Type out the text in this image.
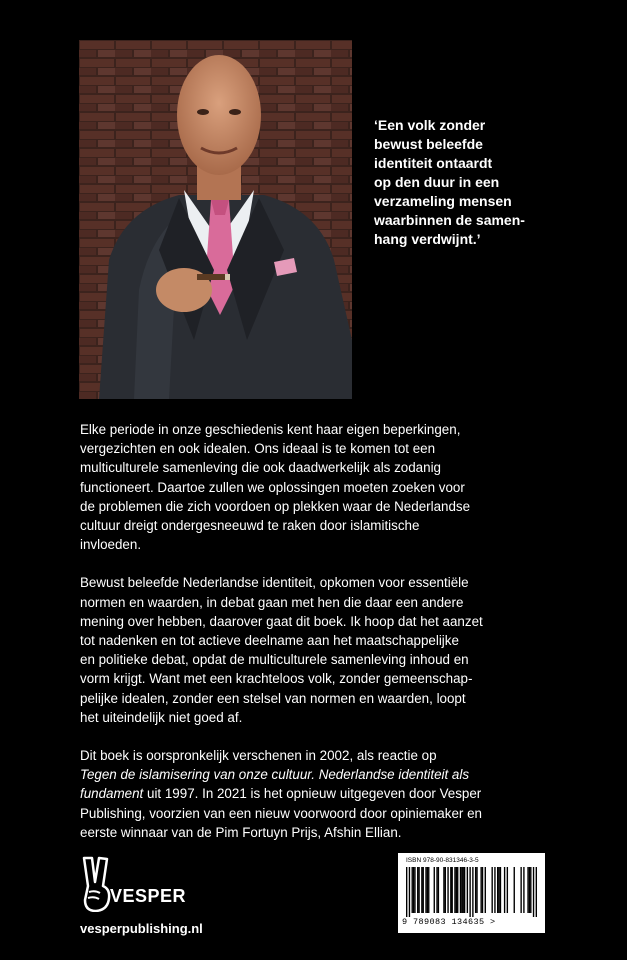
‘Een volk zonder
bewust beleefde
identiteit ontaardt
op den duur in een
verzameling mensen
waarbinnen de samen-
hang verdwijnt.’

Elke periode in onze geschiedenis kent haar eigen beperkingen,
vergezichten en ook idealen. Ons ideaal is te komen tot een
multiculturele samenleving die ook daadwerkelijk als zodanig
functioneert. Daartoe zullen we oplossingen moeten zoeken voor
de problemen die zich voordoen op plekken waar de Nederlandse
cultuur dreigt ondergesneeuwd te raken door islamitische
invloeden.

Bewust beleefde Nederlandse identiteit, opkomen voor essentiële
normen en waarden, in debat gaan met hen die daar een andere
mening over hebben, daarover gaat dit boek. Ik hoop dat het aanzet
tot nadenken en tot actieve deelname aan het maatschappelijke
en politieke debat, opdat de multiculturele samenleving inhoud en
vorm krijgt. Want met een krachteloos volk, zonder gemeenschap-
pelijke idealen, zonder een stelsel van normen en waarden, loopt
het uiteindelijk niet goed af.

Dit boek is oorspronkelijk verschenen in 2002, als reactie op
Tegen de islamisering van onze cultuur. Nederlandse identiteit als
fundament uit 1997. In 2021 is het opnieuw uitgegeven door Vesper
Publishing, voorzien van een nieuw voorwoord door opiniemaker en
eerste winnaar van de Pim Fortuyn Prijs, Afshin Ellian.

VESPER
vesperpublishing.nl
ISBN 978-90-831346-3-5
9 789083 134635 >
